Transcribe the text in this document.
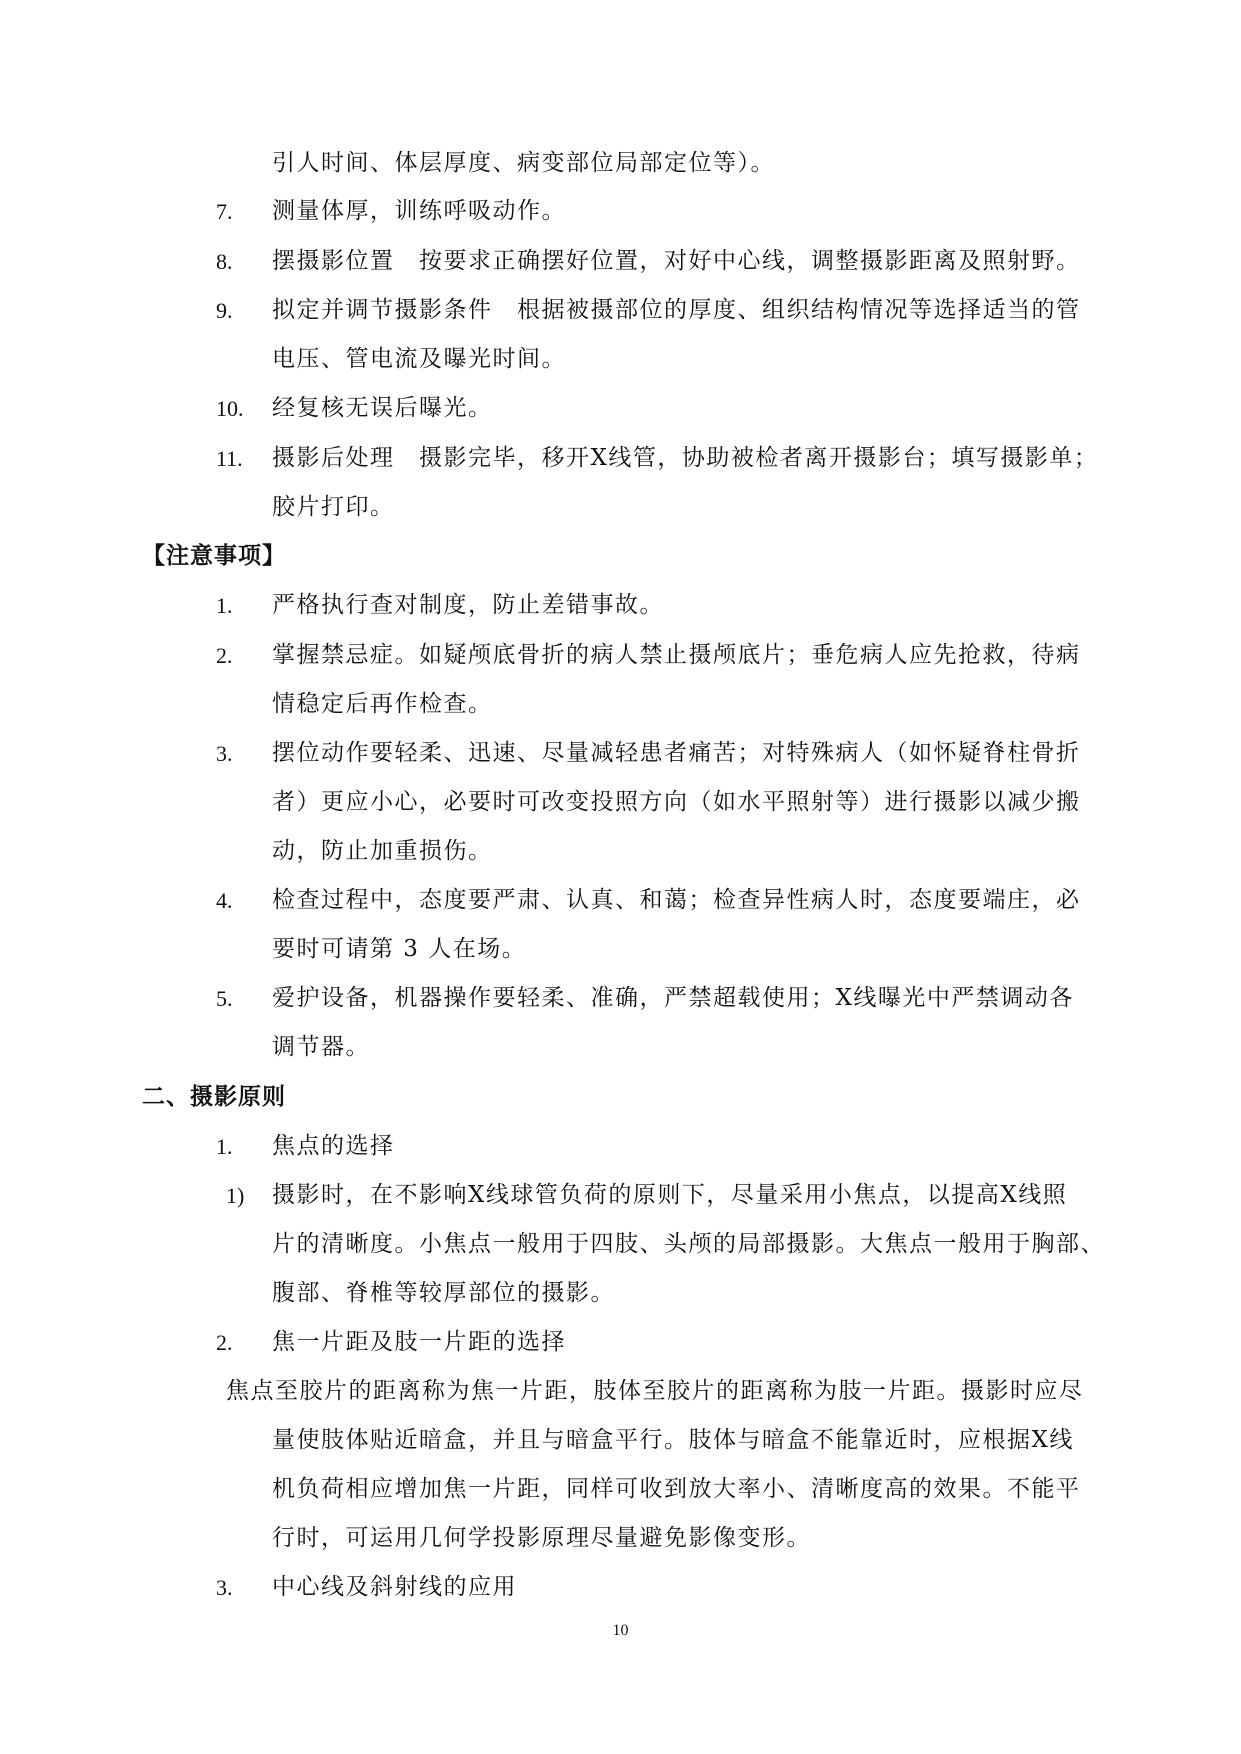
引人时间、体层厚度、病变部位局部定位等）。
7. 测量体厚，训练呼吸动作。
8. 摆摄影位置　按要求正确摆好位置，对好中心线，调整摄影距离及照射野。
9. 拟定并调节摄影条件　根据被摄部位的厚度、组织结构情况等选择适当的管
电压、管电流及曝光时间。
10. 经复核无误后曝光。
11. 摄影后处理　摄影完毕，移开X线管，协助被检者离开摄影台；填写摄影单；
胶片打印。
【注意事项】
1. 严格执行查对制度，防止差错事故。
2. 掌握禁忌症。如疑颅底骨折的病人禁止摄颅底片；垂危病人应先抢救，待病
情稳定后再作检查。
3. 摆位动作要轻柔、迅速、尽量减轻患者痛苦；对特殊病人（如怀疑脊柱骨折
者）更应小心，必要时可改变投照方向（如水平照射等）进行摄影以减少搬
动，防止加重损伤。
4. 检查过程中，态度要严肃、认真、和蔼；检查异性病人时，态度要端庄，必
要时可请第 3 人在场。
5. 爱护设备，机器操作要轻柔、准确，严禁超载使用；X线曝光中严禁调动各
调节器。
二、摄影原则
1. 焦点的选择
1) 摄影时，在不影响X线球管负荷的原则下，尽量采用小焦点，以提高X线照
片的清晰度。小焦点一般用于四肢、头颅的局部摄影。大焦点一般用于胸部、
腹部、脊椎等较厚部位的摄影。
2. 焦一片距及肢一片距的选择
焦点至胶片的距离称为焦一片距，肢体至胶片的距离称为肢一片距。摄影时应尽
量使肢体贴近暗盒，并且与暗盒平行。肢体与暗盒不能靠近时，应根据X线
机负荷相应增加焦一片距，同样可收到放大率小、清晰度高的效果。不能平
行时，可运用几何学投影原理尽量避免影像变形。
3. 中心线及斜射线的应用
10
